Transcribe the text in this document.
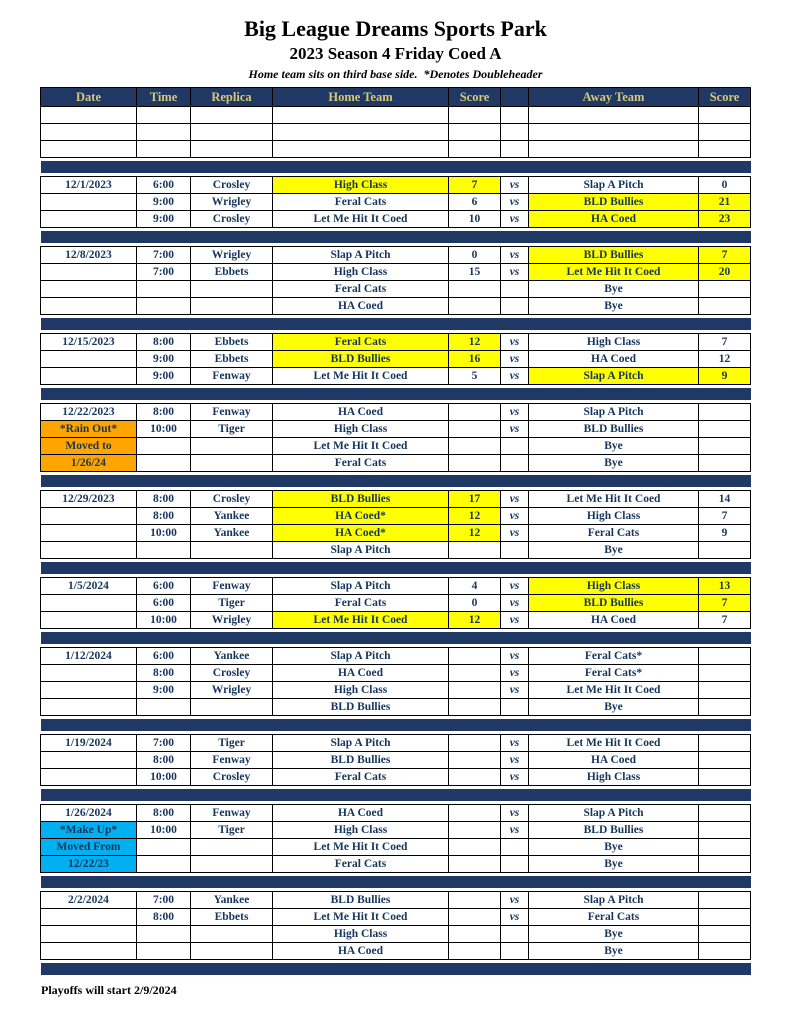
Big League Dreams Sports Park
2023 Season 4 Friday Coed A
Home team sits on third base side.  *Denotes Doubleheader
Date	Time	Replica	Home Team	Score		Away Team	Score

12/1/2023	6:00	Crosley	High Class	7	vs	Slap A Pitch	0
	9:00	Wrigley	Feral Cats	6	vs	BLD Bullies	21
	9:00	Crosley	Let Me Hit It Coed	10	vs	HA Coed	23

12/8/2023	7:00	Wrigley	Slap A Pitch	0	vs	BLD Bullies	7
	7:00	Ebbets	High Class	15	vs	Let Me Hit It Coed	20
			Feral Cats			Bye	
			HA Coed			Bye	

12/15/2023	8:00	Ebbets	Feral Cats	12	vs	High Class	7
	9:00	Ebbets	BLD Bullies	16	vs	HA Coed	12
	9:00	Fenway	Let Me Hit It Coed	5	vs	Slap A Pitch	9

12/22/2023	8:00	Fenway	HA Coed		vs	Slap A Pitch	
*Rain Out*	10:00	Tiger	High Class		vs	BLD Bullies	
Moved to			Let Me Hit It Coed			Bye	
1/26/24			Feral Cats			Bye	

12/29/2023	8:00	Crosley	BLD Bullies	17	vs	Let Me Hit It Coed	14
	8:00	Yankee	HA Coed*	12	vs	High Class	7
	10:00	Yankee	HA Coed*	12	vs	Feral Cats	9
			Slap A Pitch			Bye	

1/5/2024	6:00	Fenway	Slap A Pitch	4	vs	High Class	13
	6:00	Tiger	Feral Cats	0	vs	BLD Bullies	7
	10:00	Wrigley	Let Me Hit It Coed	12	vs	HA Coed	7

1/12/2024	6:00	Yankee	Slap A Pitch		vs	Feral Cats*	
	8:00	Crosley	HA Coed		vs	Feral Cats*	
	9:00	Wrigley	High Class		vs	Let Me Hit It Coed	
			BLD Bullies			Bye	

1/19/2024	7:00	Tiger	Slap A Pitch		vs	Let Me Hit It Coed	
	8:00	Fenway	BLD Bullies		vs	HA Coed	
	10:00	Crosley	Feral Cats		vs	High Class	

1/26/2024	8:00	Fenway	HA Coed		vs	Slap A Pitch	
*Make Up*	10:00	Tiger	High Class		vs	BLD Bullies	
Moved From			Let Me Hit It Coed			Bye	
12/22/23			Feral Cats			Bye	

2/2/2024	7:00	Yankee	BLD Bullies		vs	Slap A Pitch	
	8:00	Ebbets	Let Me Hit It Coed		vs	Feral Cats	
			High Class			Bye	
			HA Coed			Bye	

Playoffs will start 2/9/2024
